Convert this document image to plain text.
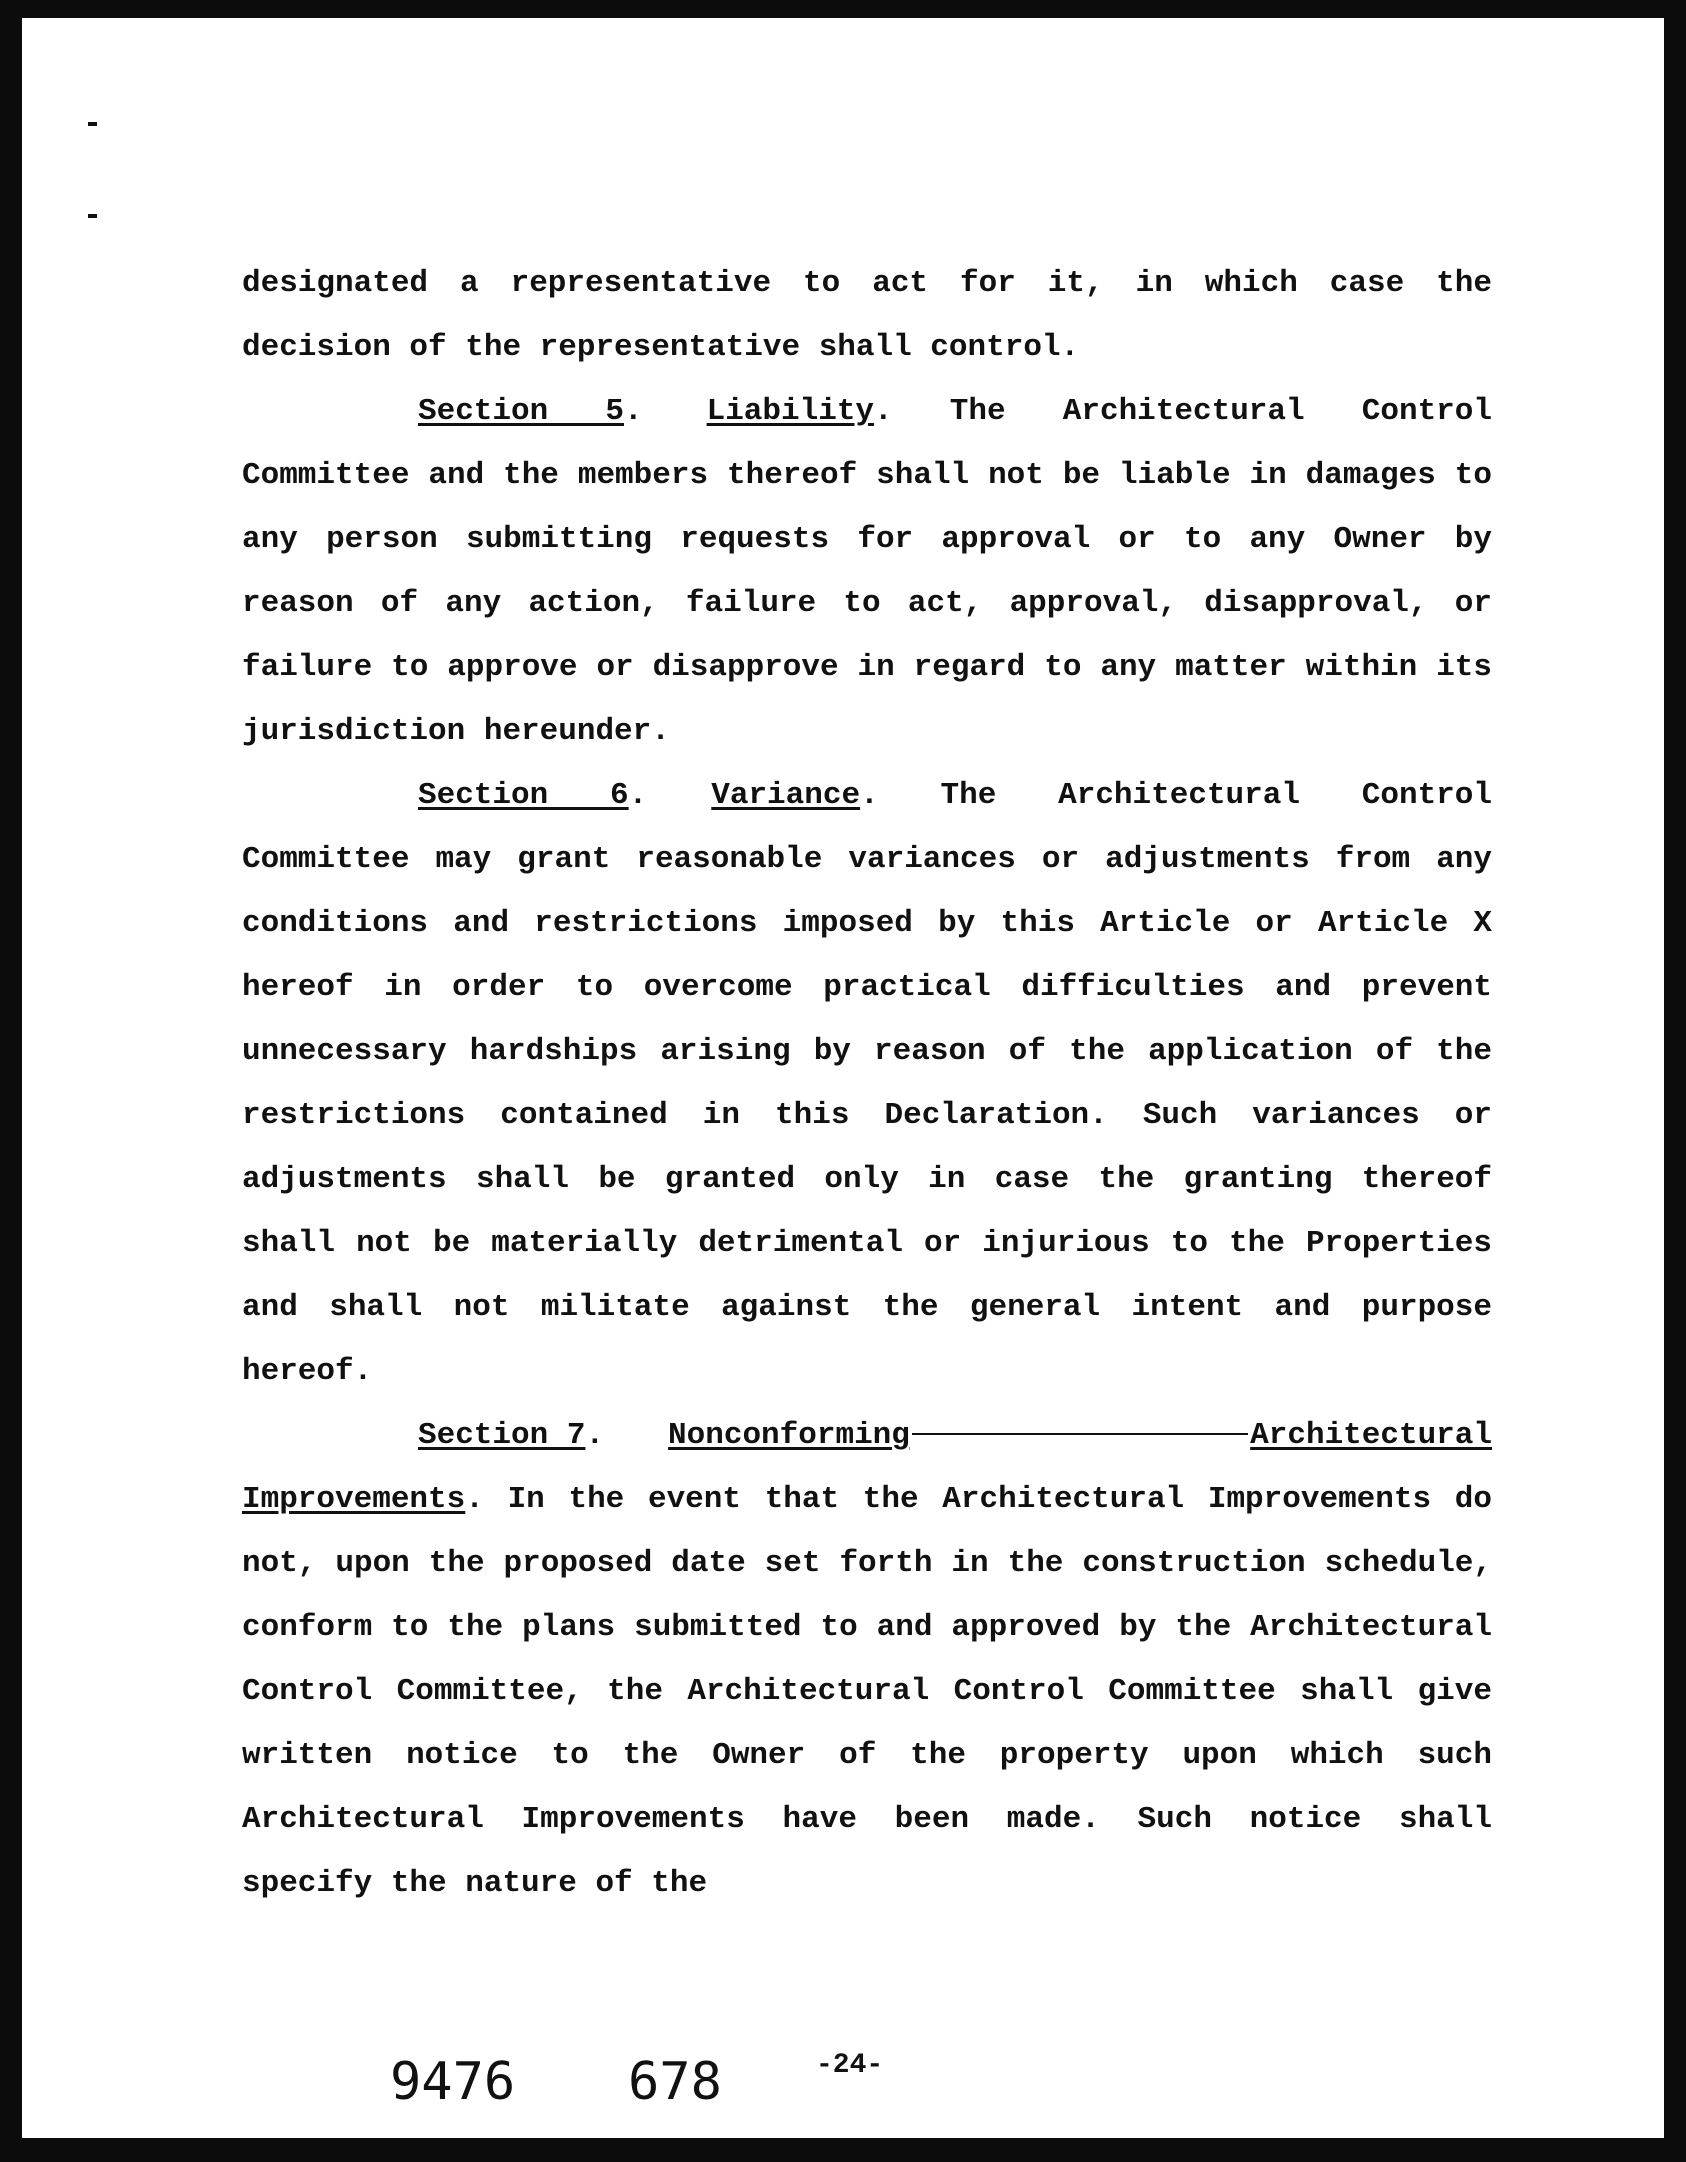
designated a representative to act for it, in which case the decision of the representative shall control.

Section 5. Liability. The Architectural Control Committee and the members thereof shall not be liable in damages to any person submitting requests for approval or to any Owner by reason of any action, failure to act, approval, disapproval, or failure to approve or disapprove in regard to any matter within its jurisdiction hereunder.

Section 6. Variance. The Architectural Control Committee may grant reasonable variances or adjustments from any conditions and restrictions imposed by this Article or Article X hereof in order to overcome practical difficulties and prevent unnecessary hardships arising by reason of the application of the restrictions contained in this Declaration. Such variances or adjustments shall be granted only in case the granting thereof shall not be materially detrimental or injurious to the Properties and shall not militate against the general intent and purpose hereof.

Section 7 . Nonconforming	Architectural

Improvements. In the event that the Architectural Improvements do not, upon the proposed date set forth in the construction schedule, conform to the plans submitted to and approved by the Architectural Control Committee, the Architectural Control Committee shall give written notice to the Owner of the property upon which such Architectural Improvements have been made. Such notice shall specify the nature of the

9476 678	-24-
